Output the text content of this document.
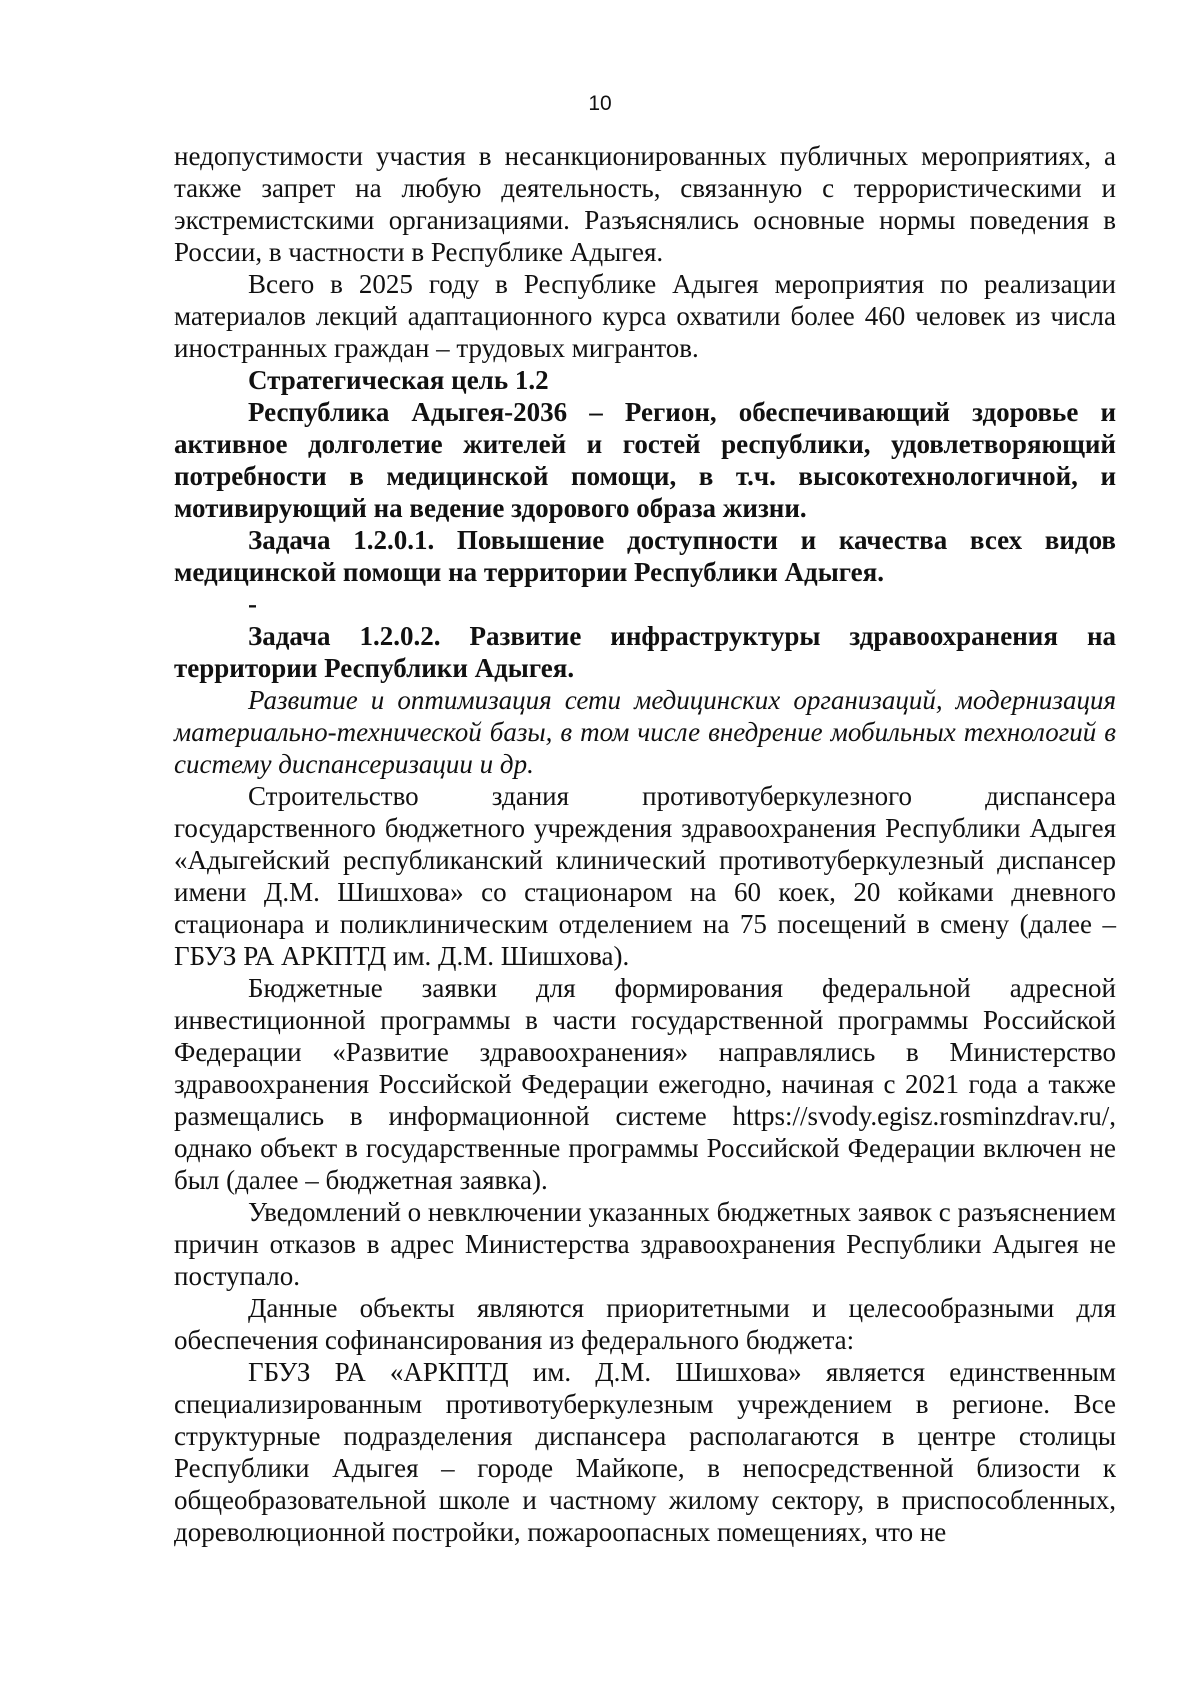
10

недопустимости участия в несанкционированных публичных мероприятиях, а также запрет на любую деятельность, связанную с террористическими и экстремистскими организациями. Разъяснялись основные нормы поведения в России, в частности в Республике Адыгея.

Всего в 2025 году в Республике Адыгея мероприятия по реализации материалов лекций адаптационного курса охватили более 460 человек из числа иностранных граждан – трудовых мигрантов.

Стратегическая цель 1.2

Республика Адыгея-2036 – Регион, обеспечивающий здоровье и активное долголетие жителей и гостей республики, удовлетворяющий потребности в медицинской помощи, в т.ч. высокотехнологичной, и мотивирующий на ведение здорового образа жизни.

Задача 1.2.0.1. Повышение доступности и качества всех видов медицинской помощи на территории Республики Адыгея.

-

Задача 1.2.0.2. Развитие инфраструктуры здравоохранения на территории Республики Адыгея.

Развитие и оптимизация сети медицинских организаций, модернизация материально-технической базы, в том числе внедрение мобильных технологий в систему диспансеризации и др.

Строительство здания противотуберкулезного диспансера государственного бюджетного учреждения здравоохранения Республики Адыгея «Адыгейский республиканский клинический противотуберкулезный диспансер имени Д.М. Шишхова» со стационаром на 60 коек, 20 койками дневного стационара и поликлиническим отделением на 75 посещений в смену (далее – ГБУЗ РА АРКПТД им. Д.М. Шишхова).

Бюджетные заявки для формирования федеральной адресной инвестиционной программы в части государственной программы Российской Федерации «Развитие здравоохранения» направлялись в Министерство здравоохранения Российской Федерации ежегодно, начиная с 2021 года а также размещались в информационной системе https://svody.egisz.rosminzdrav.ru/, однако объект в государственные программы Российской Федерации включен не был (далее – бюджетная заявка).

Уведомлений о невключении указанных бюджетных заявок с разъяснением причин отказов в адрес Министерства здравоохранения Республики Адыгея не поступало.

Данные объекты являются приоритетными и целесообразными для обеспечения софинансирования из федерального бюджета:

ГБУЗ РА «АРКПТД им. Д.М. Шишхова» является единственным специализированным противотуберкулезным учреждением в регионе. Все структурные подразделения диспансера располагаются в центре столицы Республики Адыгея – городе Майкопе, в непосредственной близости к общеобразовательной школе и частному жилому сектору, в приспособленных, дореволюционной постройки, пожароопасных помещениях, что не
